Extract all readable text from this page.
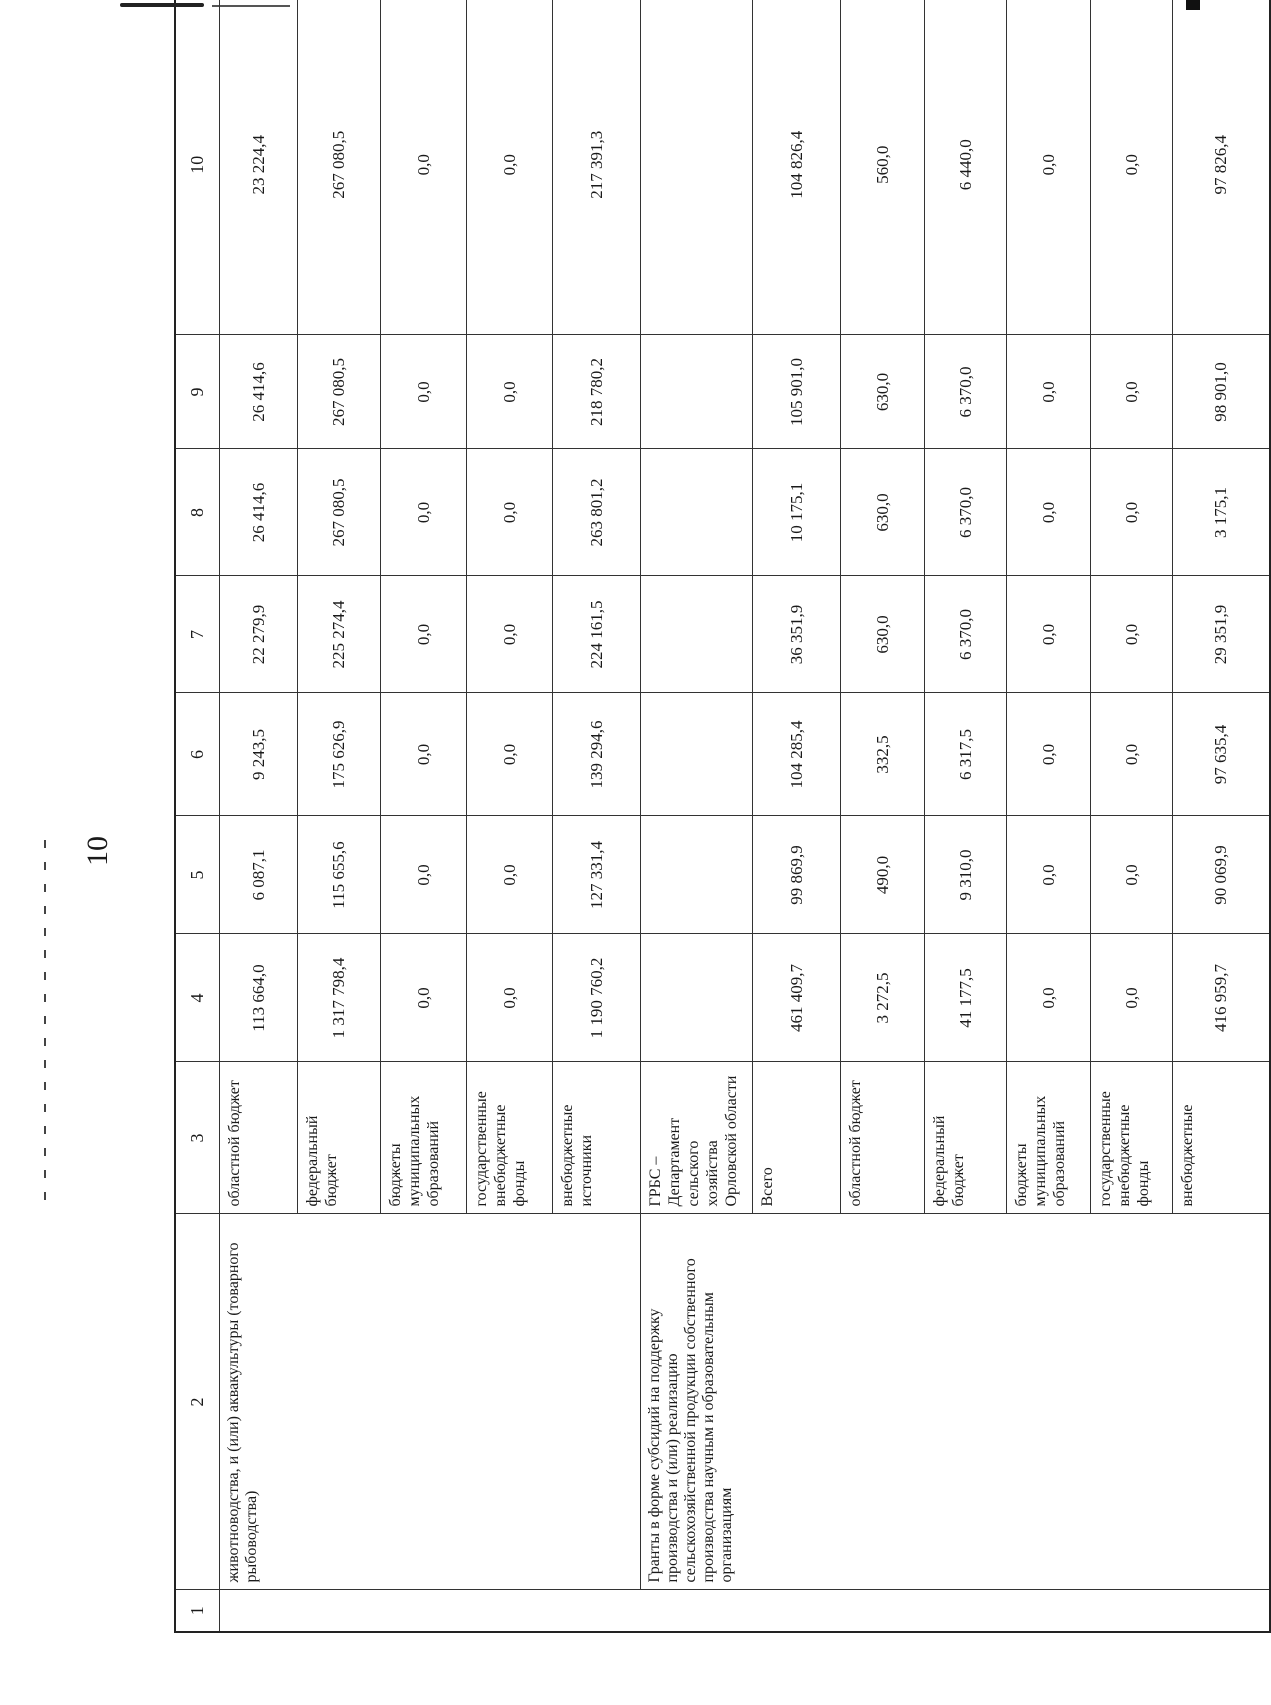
10
1	2	3	4	5	6	7	8	9	10
	животноводства, и (или) аквакультуры (товарного рыбоводства)	областной бюджет	113 664,0	6 087,1	9 243,5	22 279,9	26 414,6	26 414,6	23 224,4
		федеральный бюджет	1 317 798,4	115 655,6	175 626,9	225 274,4	267 080,5	267 080,5	267 080,5
		бюджеты муниципальных образований	0,0	0,0	0,0	0,0	0,0	0,0	0,0
		государственные внебюджетные фонды	0,0	0,0	0,0	0,0	0,0	0,0	0,0
		внебюджетные источники	1 190 760,2	127 331,4	139 294,6	224 161,5	263 801,2	218 780,2	217 391,3
	Гранты в форме субсидий на поддержку производства и (или) реализацию сельскохозяйственной продукции собственного производства научным и образовательным организациям	ГРБС –
Департамент
сельского
хозяйства
Орловской области							
		Всего	461 409,7	99 869,9	104 285,4	36 351,9	10 175,1	105 901,0	104 826,4
		областной бюджет	3 272,5	490,0	332,5	630,0	630,0	630,0	560,0
		федеральный бюджет	41 177,5	9 310,0	6 317,5	6 370,0	6 370,0	6 370,0	6 440,0
		бюджеты муниципальных образований	0,0	0,0	0,0	0,0	0,0	0,0	0,0
		государственные внебюджетные фонды	0,0	0,0	0,0	0,0	0,0	0,0	0,0
		внебюджетные	416 959,7	90 069,9	97 635,4	29 351,9	3 175,1	98 901,0	97 826,4
